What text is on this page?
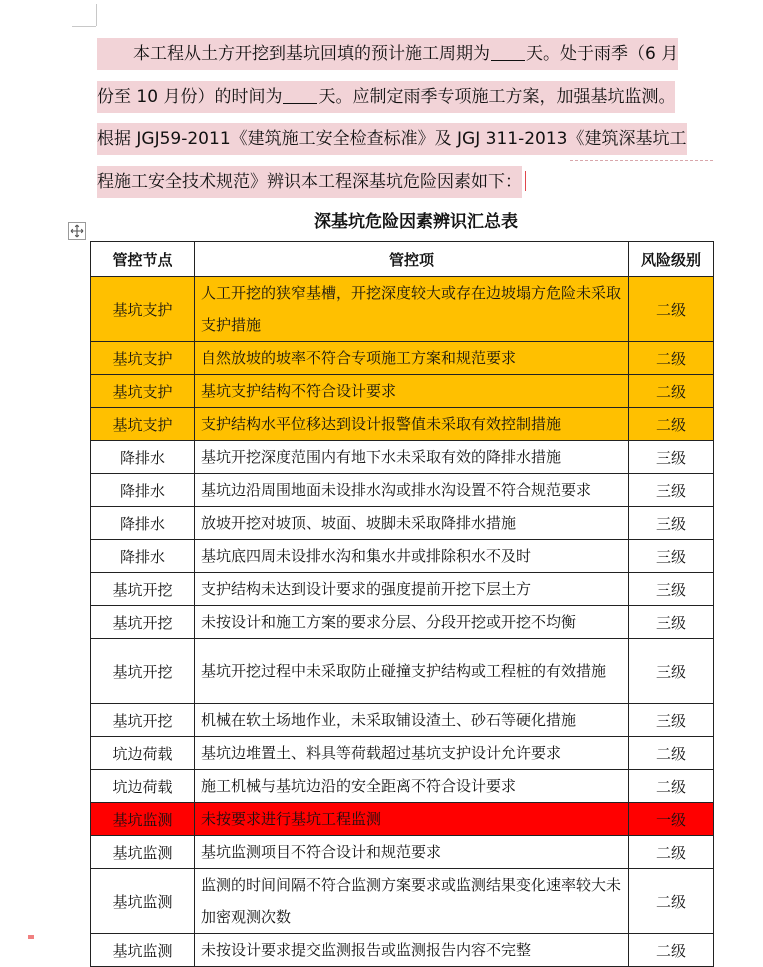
本工程从土方开挖到基坑回填的预计施工周期为 天。处于雨季（6 月
份至 10 月份）的时间为 天。应制定雨季专项施工方案，加强基坑监测。
根据 JGJ59-2011《建筑施工安全检查标准》及 JGJ 311-2013《建筑深基坑工
程施工安全技术规范》辨识本工程深基坑危险因素如下：
深基坑危险因素辨识汇总表
管控节点	管控项	风险级别
基坑支护	人工开挖的狭窄基槽，开挖深度较大或存在边坡塌方危险未采取支护措施	二级
基坑支护	自然放坡的坡率不符合专项施工方案和规范要求	二级
基坑支护	基坑支护结构不符合设计要求	二级
基坑支护	支护结构水平位移达到设计报警值未采取有效控制措施	二级
降排水	基坑开挖深度范围内有地下水未采取有效的降排水措施	三级
降排水	基坑边沿周围地面未设排水沟或排水沟设置不符合规范要求	三级
降排水	放坡开挖对坡顶、坡面、坡脚未采取降排水措施	三级
降排水	基坑底四周未设排水沟和集水井或排除积水不及时	三级
基坑开挖	支护结构未达到设计要求的强度提前开挖下层土方	三级
基坑开挖	未按设计和施工方案的要求分层、分段开挖或开挖不均衡	三级
基坑开挖	基坑开挖过程中未采取防止碰撞支护结构或工程桩的有效措施	三级
基坑开挖	机械在软土场地作业，未采取铺设渣土、砂石等硬化措施	三级
坑边荷载	基坑边堆置土、料具等荷载超过基坑支护设计允许要求	二级
坑边荷载	施工机械与基坑边沿的安全距离不符合设计要求	二级
基坑监测	未按要求进行基坑工程监测	一级
基坑监测	基坑监测项目不符合设计和规范要求	二级
基坑监测	监测的时间间隔不符合监测方案要求或监测结果变化速率较大未加密观测次数	二级
基坑监测	未按设计要求提交监测报告或监测报告内容不完整	二级
